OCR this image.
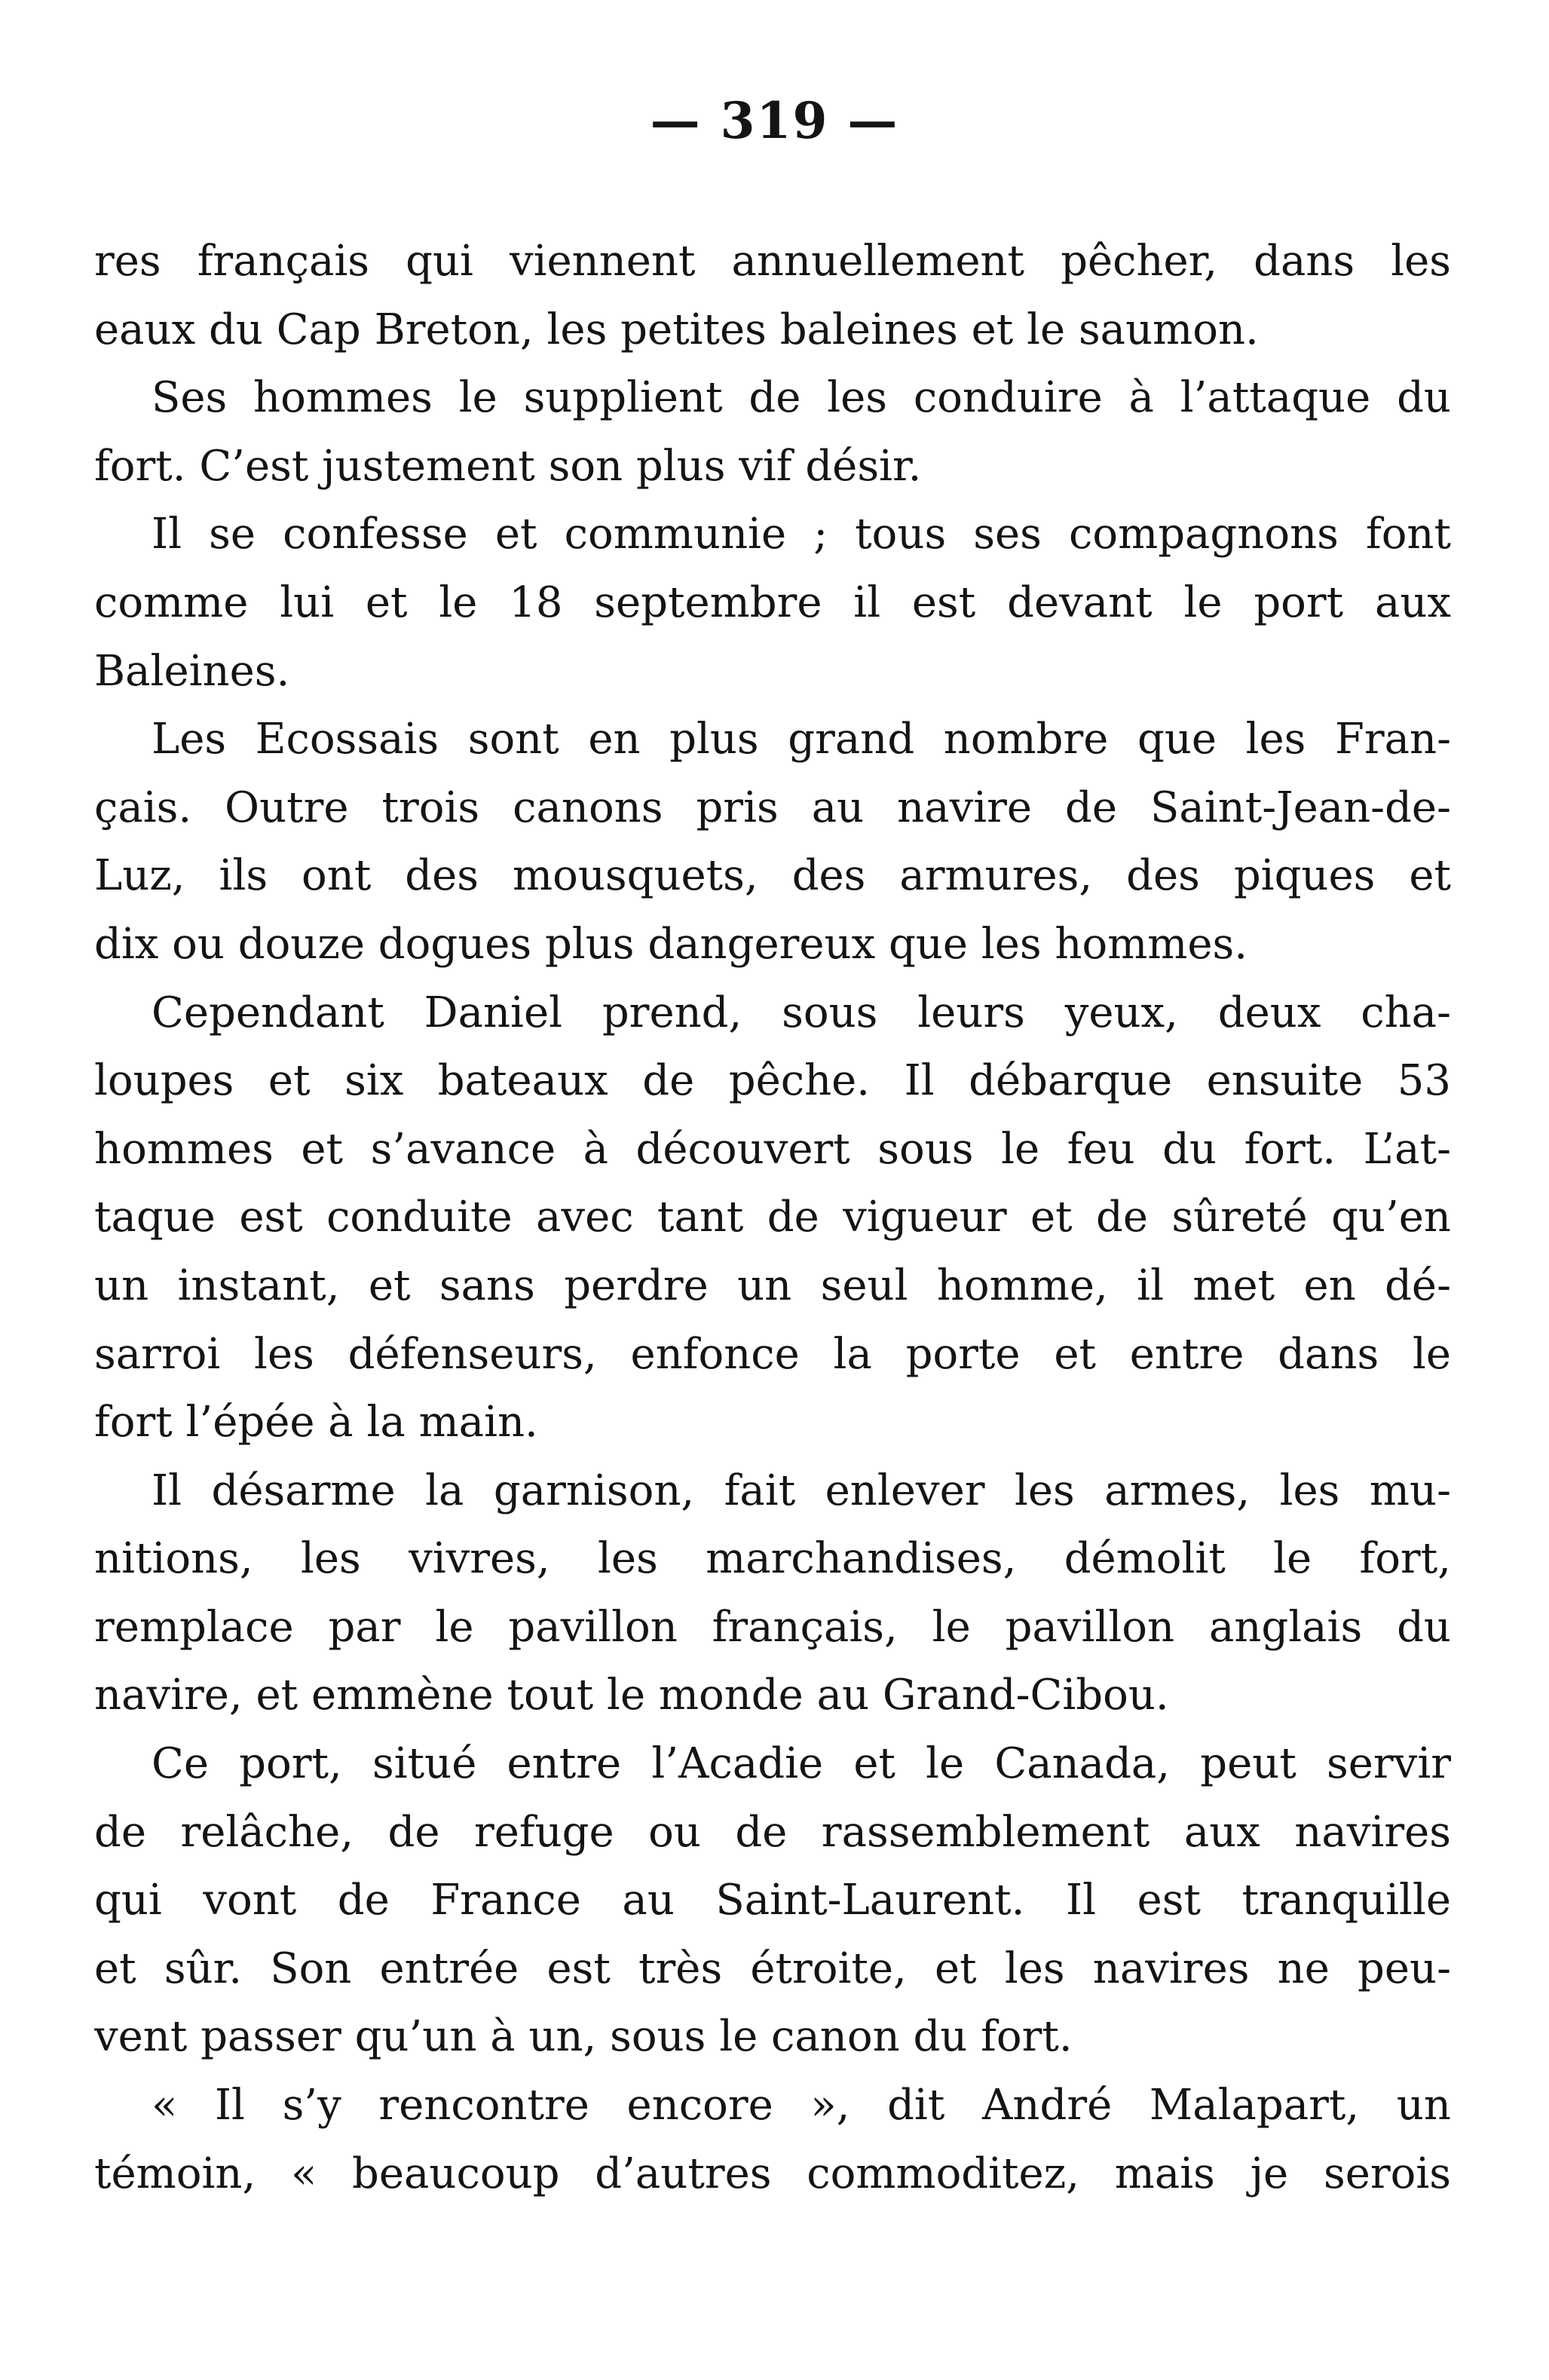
— 319 —
res français qui viennent annuellement pêcher, dans les
eaux du Cap Breton, les petites baleines et le saumon.
Ses hommes le supplient de les conduire à l’attaque du
fort. C’est justement son plus vif désir.
Il se confesse et communie ; tous ses compagnons font
comme lui et le 18 septembre il est devant le port aux
Baleines.
Les Ecossais sont en plus grand nombre que les Fran-
çais. Outre trois canons pris au navire de Saint-Jean-de-
Luz, ils ont des mousquets, des armures, des piques et
dix ou douze dogues plus dangereux que les hommes.
Cependant Daniel prend, sous leurs yeux, deux cha-
loupes et six bateaux de pêche. Il débarque ensuite 53
hommes et s’avance à découvert sous le feu du fort. L’at-
taque est conduite avec tant de vigueur et de sûreté qu’en
un instant, et sans perdre un seul homme, il met en dé-
sarroi les défenseurs, enfonce la porte et entre dans le
fort l’épée à la main.
Il désarme la garnison, fait enlever les armes, les mu-
nitions, les vivres, les marchandises, démolit le fort,
remplace par le pavillon français, le pavillon anglais du
navire, et emmène tout le monde au Grand-Cibou.
Ce port, situé entre l’Acadie et le Canada, peut servir
de relâche, de refuge ou de rassemblement aux navires
qui vont de France au Saint-Laurent. Il est tranquille
et sûr. Son entrée est très étroite, et les navires ne peu-
vent passer qu’un à un, sous le canon du fort.
« Il s’y rencontre encore », dit André Malapart, un
témoin, « beaucoup d’autres commoditez, mais je serois
